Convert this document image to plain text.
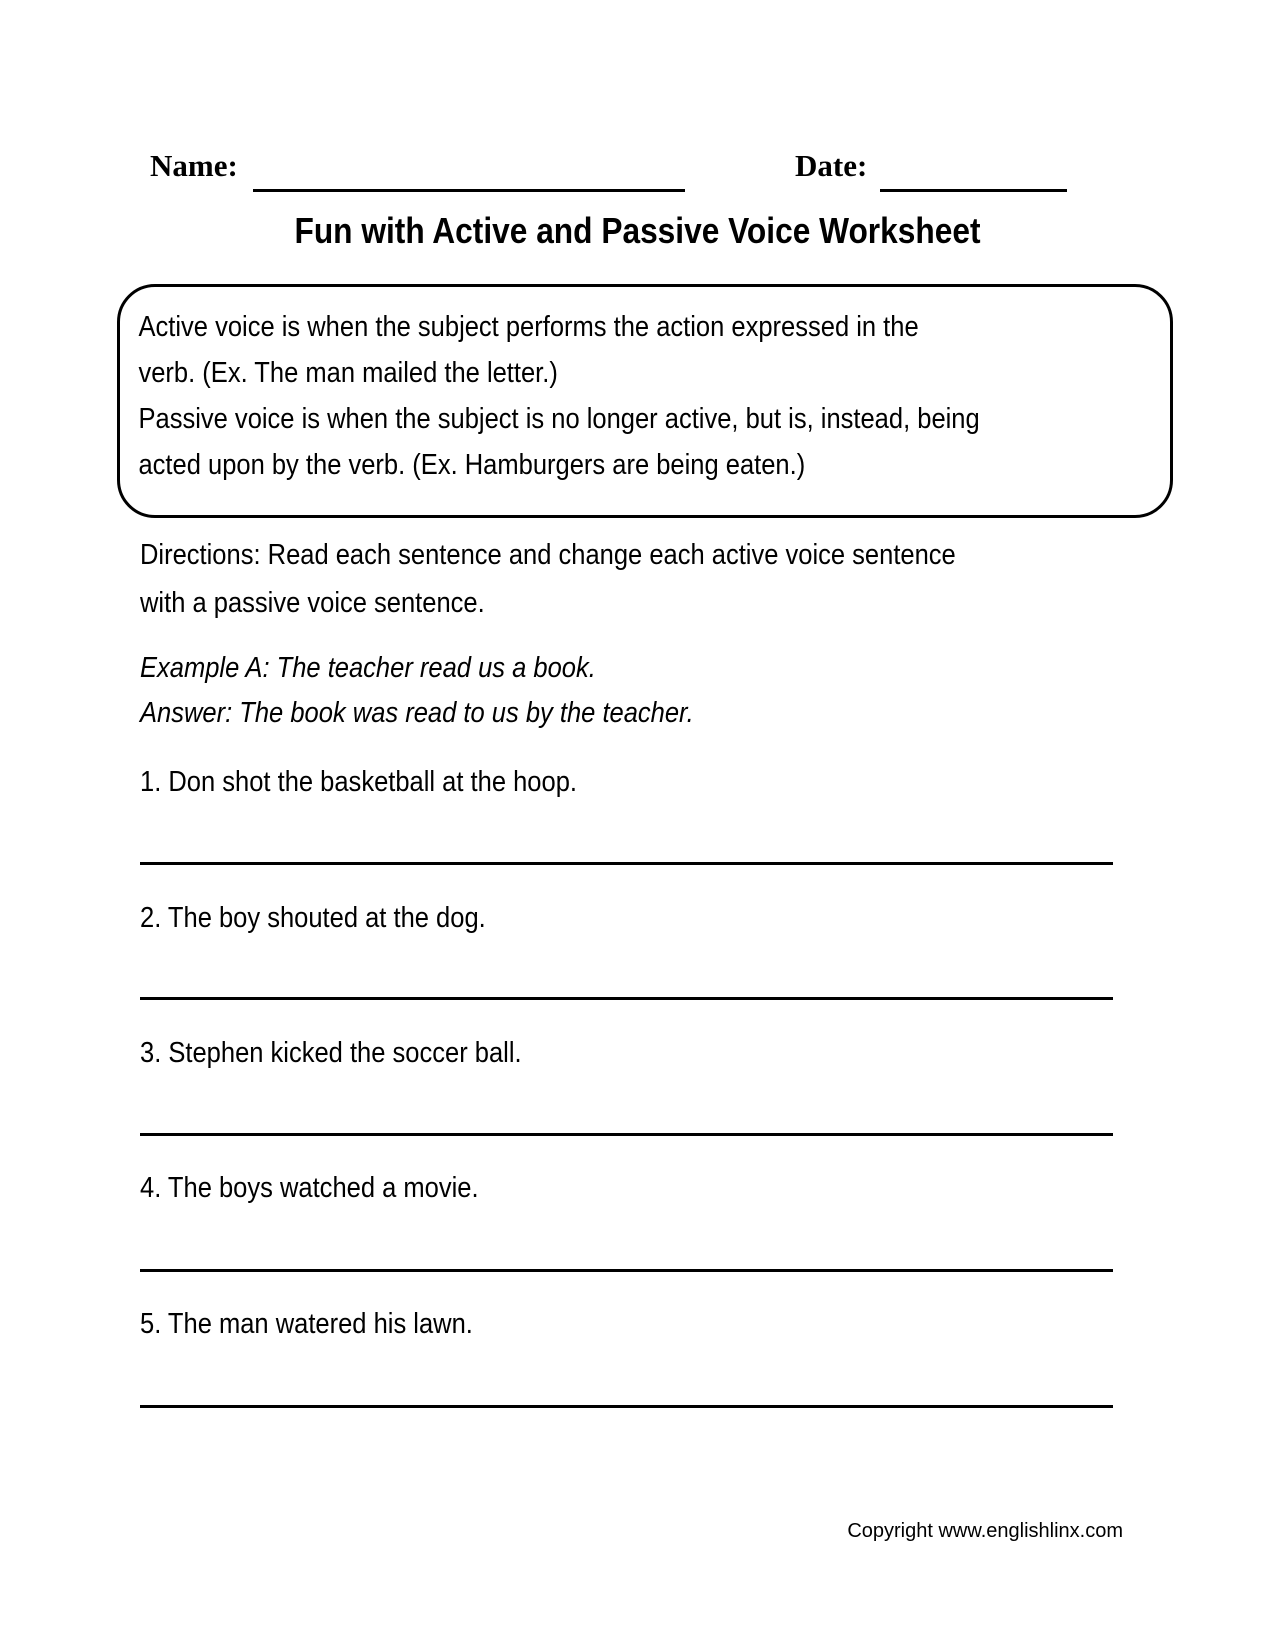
Name:	Date:
Fun with Active and Passive Voice Worksheet
Active voice is when the subject performs the action expressed in the
verb. (Ex. The man mailed the letter.)
Passive voice is when the subject is no longer active, but is, instead, being
acted upon by the verb. (Ex. Hamburgers are being eaten.)
Directions: Read each sentence and change each active voice sentence
with a passive voice sentence.
Example A: The teacher read us a book.
Answer: The book was read to us by the teacher.
1. Don shot the basketball at the hoop.
2. The boy shouted at the dog.
3. Stephen kicked the soccer ball.
4. The boys watched a movie.
5. The man watered his lawn.
Copyright www.englishlinx.com
